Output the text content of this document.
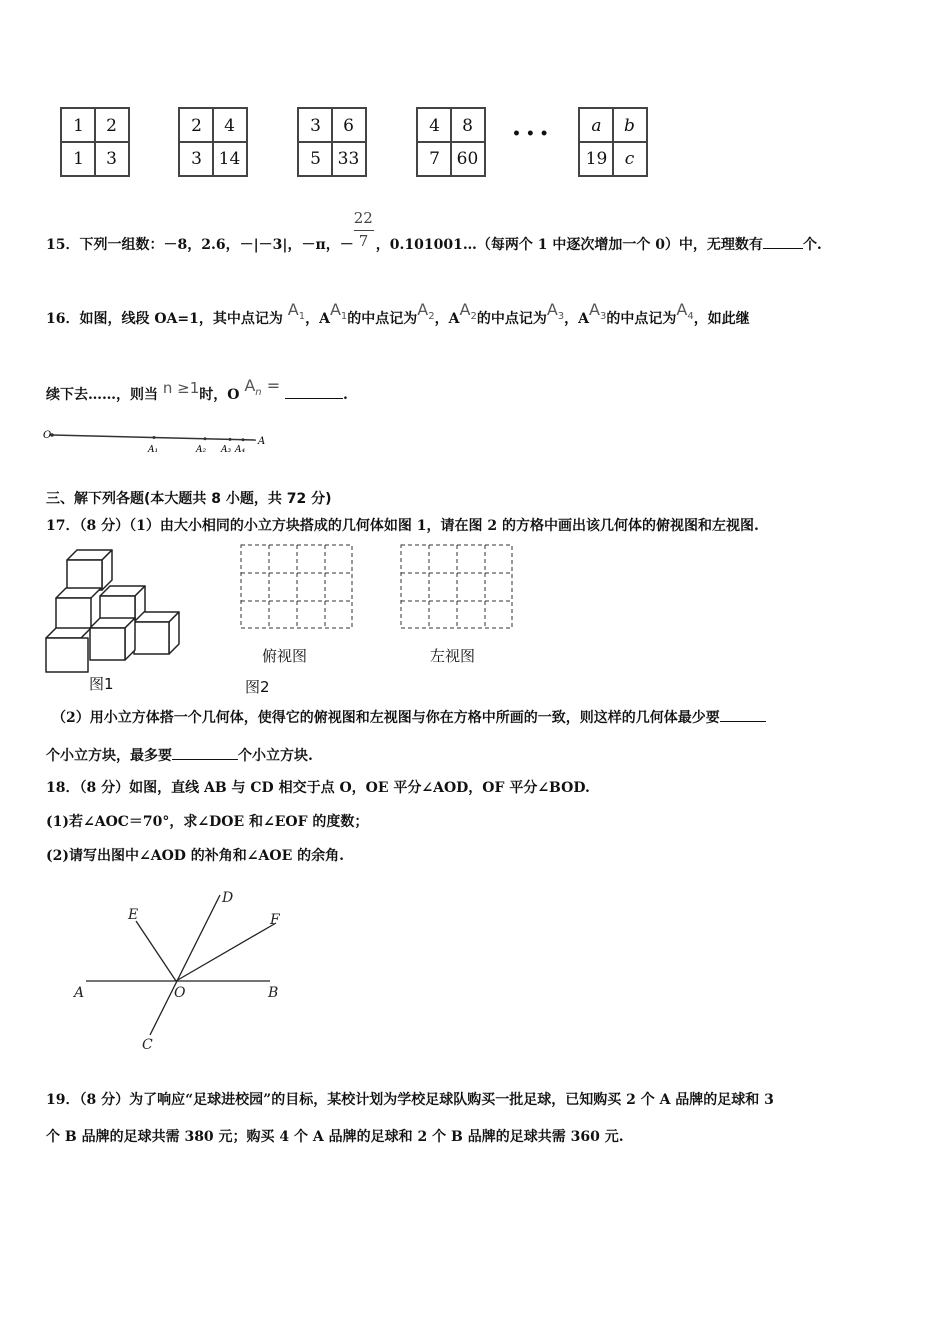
1	2
1	3
2	4
3 14
3	6
5 33
4	8
7 60
• • •	a	b
19	c
15．下列一组数：－8，2.6，－|－3|，－π，－ $\frac{22}{7}$ ，0.101001…（每两个 1 中逐次增加一个 0）中，无理数有	个.
16．如图，线段 OA=1，其中点记为 $A_1$，$AA_1$的中点记为$A_2$，$AA_2$的中点记为$A_3$，$AA_3$的中点记为$A_4$，如此继
续下去……，则当 n ≥1时，O $A_n$ =	.
O
A
A₁	A₂ A₃ A₄
三、解下列各题(本大题共 8 小题，共 72 分)
17．（8 分）（1）由大小相同的小立方块搭成的几何体如图 1，请在图 2 的方格中画出该几何体的俯视图和左视图.
图1	图2
俯视图	左视图
（2）用小立方体搭一个几何体，使得它的俯视图和左视图与你在方格中所画的一致，则这样的几何体最少要
个小立方块，最多要	个小立方块.
18．（8 分）如图，直线 AB 与 CD 相交于点 O，OE 平分∠AOD，OF 平分∠BOD.
(1)若∠AOC＝70°，求∠DOE 和∠EOF 的度数；
(2)请写出图中∠AOD 的补角和∠AOE 的余角.
A	B
C
D
E	F
O
19．（8 分）为了响应“足球进校园”的目标，某校计划为学校足球队购买一批足球，已知购买 2 个 A 品牌的足球和 3
个 B 品牌的足球共需 380 元；购买 4 个 A 品牌的足球和 2 个 B 品牌的足球共需 360 元.
